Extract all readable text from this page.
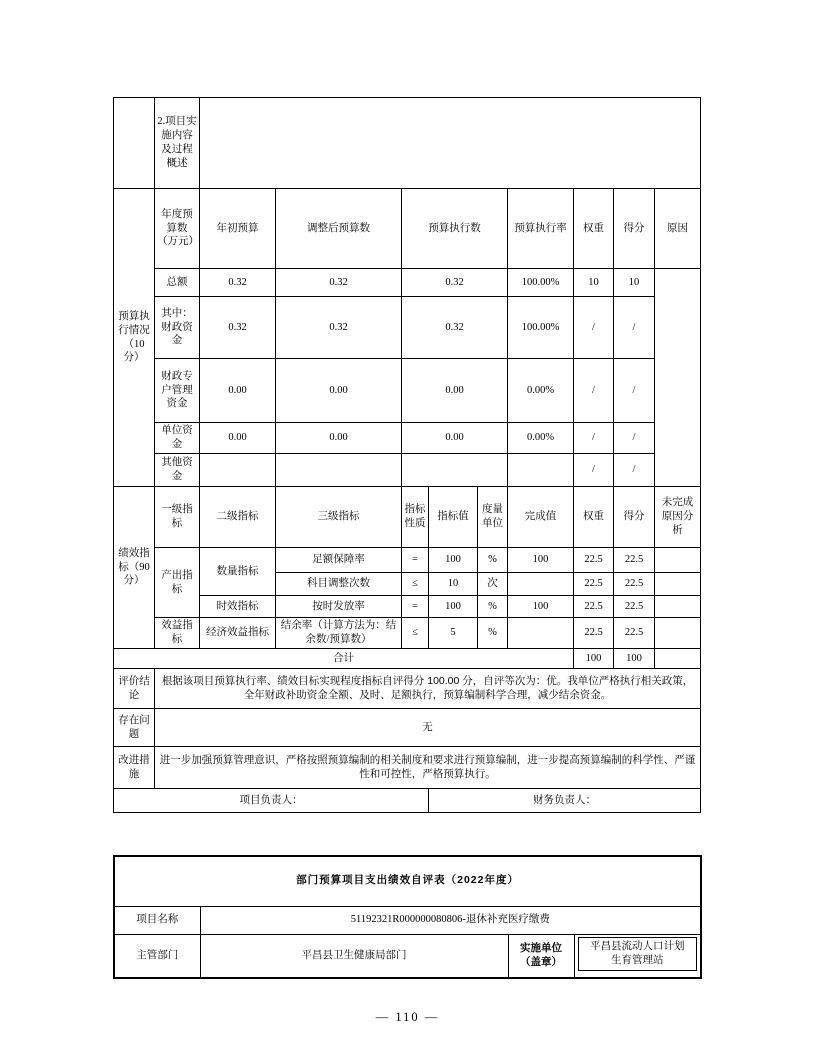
	2.项目实施内容及过程概述									
预算执行情况（10分）	年度预算数（万元）	年初预算	调整后预算数	预算执行数			预算执行率	权重	得分	原因
	总额	0.32	0.32	0.32			100.00%	10	10	
	其中：财政资金	0.32	0.32	0.32			100.00%	/	/	
	财政专户管理资金	0.00	0.00	0.00			0.00%	/	/	
	单位资金	0.00	0.00	0.00			0.00%	/	/	
	其他资金							/	/	
绩效指标（90分）	一级指标	二级指标	三级指标	指标性质	指标值	度量单位	完成值	权重	得分	未完成原因分析
	产出指标	数量指标	足额保障率	=	100	%	100	22.5	22.5	
			科目调整次数	≤	10	次		22.5	22.5	
		时效指标	按时发放率	=	100	%	100	22.5	22.5	
	效益指标	经济效益指标	结余率（计算方法为：结余数/预算数）	≤	5	%		22.5	22.5	
合计								100	100	
评价结论	根据该项目预算执行率、绩效目标实现程度指标自评得分 100.00 分，自评等次为：优。我单位严格执行相关政策，全年财政补助资金全额、及时、足额执行，预算编制科学合理，减少结余资金。									
存在问题	无									
改进措施	进一步加强预算管理意识，严格按照预算编制的相关制度和要求进行预算编制，进一步提高预算编制的科学性、严谨性和可控性，严格预算执行。									
项目负责人：					财务负责人：					
部门预算项目支出绩效自评表（2022年度）			
项目名称	51192321R000000080806-退休补充医疗缴费		
主管部门	平昌县卫生健康局部门	实施单位（盖章）	平昌县流动人口计划生育管理站
— 110 —
